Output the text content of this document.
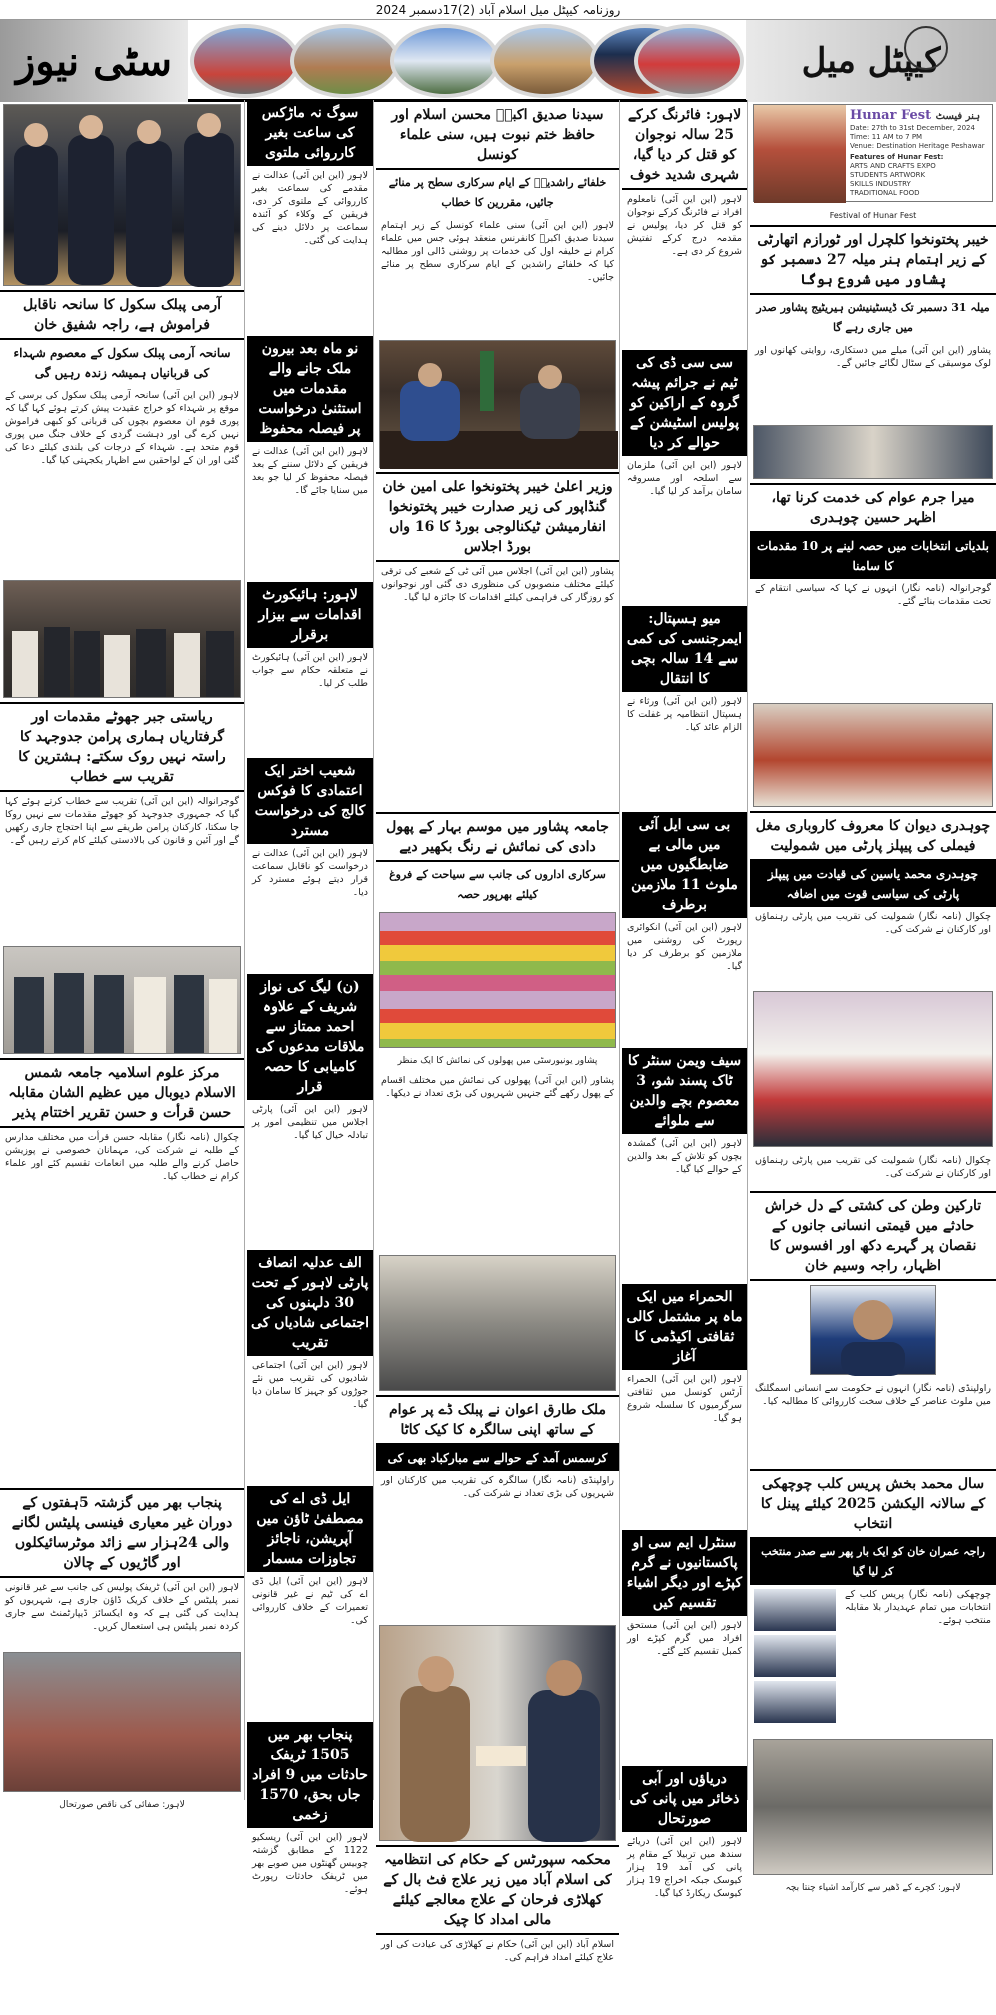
روزنامہ کیپٹل میل اسلام آباد (2)17دسمبر 2024
سٹی نیوز	کیپٹل میل
آرمی پبلک سکول کا سانحہ ناقابل فراموش ہے، راجہ شفیق خان
سانحہ آرمی پبلک سکول کے معصوم شہداء کی قربانیاں ہمیشہ زندہ رہیں گی
لاہور (این این آئی) سانحہ آرمی پبلک سکول کی برسی کے موقع پر شہداء کو خراج عقیدت پیش کرتے ہوئے کہا گیا کہ پوری قوم ان معصوم بچوں کی قربانی کو کبھی فراموش نہیں کرے گی اور دہشت گردی کے خلاف جنگ میں پوری قوم متحد ہے۔ شہداء کے درجات کی بلندی کیلئے دعا کی گئی اور ان کے لواحقین سے اظہار یکجہتی کیا گیا۔
ریاستی جبر جھوٹے مقدمات اور گرفتاریاں ہماری پرامن جدوجہد کا راستہ نہیں روک سکتے: ہشترین کا تقریب سے خطاب
گوجرانوالہ (این این آئی) تقریب سے خطاب کرتے ہوئے کہا گیا کہ جمہوری جدوجہد کو جھوٹے مقدمات سے نہیں روکا جا سکتا، کارکنان پرامن طریقے سے اپنا احتجاج جاری رکھیں گے اور آئین و قانون کی بالادستی کیلئے کام کرتے رہیں گے۔
مرکز علوم اسلامیہ جامعہ شمس الاسلام دیوبال میں عظیم الشان مقابلہ حسن قرأت و حسن تقریر اختتام پذیر
چکوال (نامہ نگار) مقابلہ حسن قرأت میں مختلف مدارس کے طلبہ نے شرکت کی، مہمانان خصوصی نے پوزیشن حاصل کرنے والے طلبہ میں انعامات تقسیم کئے اور علماء کرام نے خطاب کیا۔
پنجاب بھر میں گزشتہ 5ہفتوں کے دوران غیر معیاری فینسی پلیٹس لگانے والی 24ہزار سے زائد موٹرسائیکلوں اور گاڑیوں کے چالان
لاہور (این این آئی) ٹریفک پولیس کی جانب سے غیر قانونی نمبر پلیٹس کے خلاف کریک ڈاؤن جاری ہے، شہریوں کو ہدایت کی گئی ہے کہ وہ ایکسائز ڈیپارٹمنٹ سے جاری کردہ نمبر پلیٹس ہی استعمال کریں۔
لاہور: صفائی کی ناقص صورتحال
سوگ نہ ماڑکس کی ساعت بغیر کارروائی ملتوی
لاہور (این این آئی) عدالت نے مقدمے کی سماعت بغیر کارروائی کے ملتوی کر دی، فریقین کے وکلاء کو آئندہ سماعت پر دلائل دینے کی ہدایت کی گئی۔
نو ماہ بعد بیرون ملک جانے والے مقدمات میں استثنیٰ درخواست پر فیصلہ محفوظ
لاہور (این این آئی) عدالت نے فریقین کے دلائل سننے کے بعد فیصلہ محفوظ کر لیا جو بعد میں سنایا جائے گا۔
لاہور: ہائیکورٹ اقدامات سے بیزار برقرار
لاہور (این این آئی) ہائیکورٹ نے متعلقہ حکام سے جواب طلب کر لیا۔
شعیب اختر ایک اعتمادی کا فوکس کالج کی درخواست مسترد
لاہور (این این آئی) عدالت نے درخواست کو ناقابل سماعت قرار دیتے ہوئے مسترد کر دیا۔
(ن) لیگ کی نواز شریف کے علاوہ احمد ممتاز سے ملاقات مدعوں کی کامیابی کا حصہ قرار
لاہور (این این آئی) پارٹی اجلاس میں تنظیمی امور پر تبادلہ خیال کیا گیا۔
الف عدلیہ انصاف پارٹی لاہور کے تحت 30 دلہنوں کی اجتماعی شادیاں کی تقریب
لاہور (این این آئی) اجتماعی شادیوں کی تقریب میں نئے جوڑوں کو جہیز کا سامان دیا گیا۔
ایل ڈی اے کی مصطفیٰ ٹاؤن میں آپریشن، ناجائز تجاوزات مسمار
لاہور (این این آئی) ایل ڈی اے کی ٹیم نے غیر قانونی تعمیرات کے خلاف کارروائی کی۔
پنجاب بھر میں 1505 ٹریفک حادثات میں 9 افراد جاں بحق، 1570 زخمی
لاہور (این این آئی) ریسکیو 1122 کے مطابق گزشتہ چوبیس گھنٹوں میں صوبے بھر میں ٹریفک حادثات رپورٹ ہوئے۔
سیدنا صدیق اکبرؓ محسن اسلام اور حافظ ختم نبوت ہیں، سنی علماء کونسل
خلفائے راشدینؓ کے ایام سرکاری سطح پر منائے جائیں، مقررین کا خطاب
لاہور (این این آئی) سنی علماء کونسل کے زیر اہتمام سیدنا صدیق اکبرؓ کانفرنس منعقد ہوئی جس میں علماء کرام نے خلیفہ اول کی خدمات پر روشنی ڈالی اور مطالبہ کیا کہ خلفائے راشدین کے ایام سرکاری سطح پر منائے جائیں۔
وزیر اعلیٰ خیبر پختونخوا علی امین خان گنڈاپور کی زیر صدارت خیبر پختونخوا انفارمیشن ٹیکنالوجی بورڈ کا 16 واں بورڈ اجلاس
پشاور (این این آئی) اجلاس میں آئی ٹی کے شعبے کی ترقی کیلئے مختلف منصوبوں کی منظوری دی گئی اور نوجوانوں کو روزگار کی فراہمی کیلئے اقدامات کا جائزہ لیا گیا۔
جامعہ پشاور میں موسم بہار کے پھول دادی کی نمائش نے رنگ بکھیر دیے
سرکاری اداروں کی جانب سے سیاحت کے فروغ کیلئے بھرپور حصہ
پشاور یونیورسٹی میں پھولوں کی نمائش کا ایک منظر
پشاور (این این آئی) پھولوں کی نمائش میں مختلف اقسام کے پھول رکھے گئے جنہیں شہریوں کی بڑی تعداد نے دیکھا۔
ملک طارق اعوان نے پبلک ڈے پر عوام کے ساتھ اپنی سالگرہ کا کیک کاٹا
کرسمس آمد کے حوالے سے مبارکباد بھی کی
راولپنڈی (نامہ نگار) سالگرہ کی تقریب میں کارکنان اور شہریوں کی بڑی تعداد نے شرکت کی۔
محکمہ سپورٹس کے حکام کی انتظامیہ کی اسلام آباد میں زیر علاج فٹ بال کے کھلاڑی فرحان کے علاج معالجے کیلئے مالی امداد کا چیک
اسلام آباد (این این آئی) حکام نے کھلاڑی کی عیادت کی اور علاج کیلئے امداد فراہم کی۔
لاہور: فائرنگ کرکے 25 سالہ نوجوان کو قتل کر دیا گیا، شہری شدید خوف
لاہور (این این آئی) نامعلوم افراد نے فائرنگ کرکے نوجوان کو قتل کر دیا، پولیس نے مقدمہ درج کرکے تفتیش شروع کر دی ہے۔
سی سی ڈی کی ٹیم نے جرائم پیشہ گروہ کے اراکین کو پولیس اسٹیشن کے حوالے کر دیا
لاہور (این این آئی) ملزمان سے اسلحہ اور مسروقہ سامان برآمد کر لیا گیا۔
میو ہسپتال: ایمرجنسی کی کمی سے 14 سالہ بچی کا انتقال
لاہور (این این آئی) ورثاء نے ہسپتال انتظامیہ پر غفلت کا الزام عائد کیا۔
بی سی ایل آئی میں مالی بے ضابطگیوں میں ملوث 11 ملازمین برطرف
لاہور (این این آئی) انکوائری رپورٹ کی روشنی میں ملازمین کو برطرف کر دیا گیا۔
سیف ویمن سنٹر کا ٹاک پسند شو، 3 معصوم بچے والدین سے ملوائے
لاہور (این این آئی) گمشدہ بچوں کو تلاش کے بعد والدین کے حوالے کیا گیا۔
الحمراء میں ایک ماہ پر مشتمل کالی ثقافتی اکیڈمی کا آغاز
لاہور (این این آئی) الحمراء آرٹس کونسل میں ثقافتی سرگرمیوں کا سلسلہ شروع ہو گیا۔
سنٹرل ایم سی او پاکستانیوں نے گرم کپڑے اور دیگر اشیاء تقسیم کیں
لاہور (این این آئی) مستحق افراد میں گرم کپڑے اور کمبل تقسیم کئے گئے۔
دریاؤں اور آبی ذخائر میں پانی کی صورتحال
لاہور (این این آئی) دریائے سندھ میں تربیلا کے مقام پر پانی کی آمد 19 ہزار کیوسک جبکہ اخراج 19 ہزار کیوسک ریکارڈ کیا گیا۔
Hunar Fest ہنر فیسٹ
Date: 27th to 31st December, 2024
Time: 11 AM to 7 PM
Venue: Destination Heritage Peshawar
Features of Hunar Fest:
ARTS AND CRAFTS EXPO
STUDENTS ARTWORK
SKILLS INDUSTRY
TRADITIONAL FOOD
Festival of Hunar Fest
خیبر پختونخوا کلچرل اور ٹورازم اتھارٹی کے زیر اہتمام ہنر میلہ 27 دسمبر کو پشاور میں شروع ہوگا
میلہ 31 دسمبر تک ڈیسٹینیشن ہیریٹیج پشاور صدر میں جاری رہے گا
پشاور (این این آئی) میلے میں دستکاری، روایتی کھانوں اور لوک موسیقی کے سٹال لگائے جائیں گے۔
میرا جرم عوام کی خدمت کرنا تھا، اظہر حسین چوہدری
بلدیاتی انتخابات میں حصہ لینے پر 10 مقدمات کا سامنا
گوجرانوالہ (نامہ نگار) انہوں نے کہا کہ سیاسی انتقام کے تحت مقدمات بنائے گئے۔
چوہدری دیوان کا معروف کاروباری مغل فیملی کی پیپلز پارٹی میں شمولیت
چوہدری محمد یاسین کی قیادت میں پیپلز پارٹی کی سیاسی قوت میں اضافہ
چکوال (نامہ نگار) شمولیت کی تقریب میں پارٹی رہنماؤں اور کارکنان نے شرکت کی۔
چکوال (نامہ نگار) شمولیت کی تقریب میں پارٹی رہنماؤں اور کارکنان نے شرکت کی۔
تارکین وطن کی کشتی کے دل خراش حادثے میں قیمتی انسانی جانوں کے نقصان پر گہرے دکھ اور افسوس کا اظہار، راجہ وسیم خان
راولپنڈی (نامہ نگار) انہوں نے حکومت سے انسانی اسمگلنگ میں ملوث عناصر کے خلاف سخت کارروائی کا مطالبہ کیا۔
سال محمد بخش پریس کلب چوچھکی کے سالانہ الیکشن 2025 کیلئے پینل کا انتخاب
راجہ عمران خان کو ایک بار پھر سے صدر منتخب کر لیا گیا
چوچھکی (نامہ نگار) پریس کلب کے انتخابات میں تمام عہدیدار بلا مقابلہ منتخب ہوئے۔
لاہور: کچرے کے ڈھیر سے کارآمد اشیاء چنتا بچہ
